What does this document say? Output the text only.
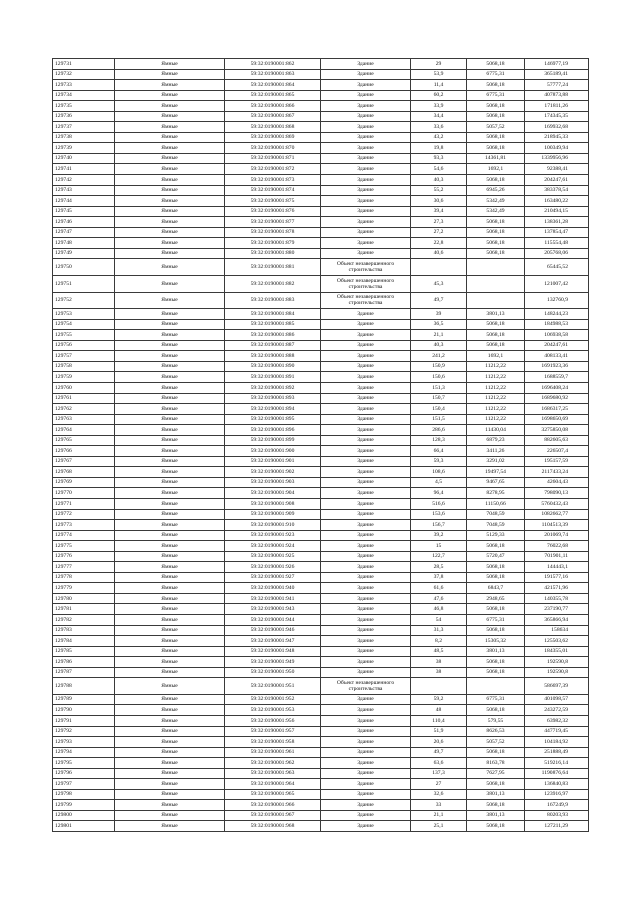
129731	Ямные	59:32:0190001:862	Здание	29	5068,18	146977,19
129732	Ямные	59:32:0190001:863	Здание	53,9	6775,31	365189,41
129733	Ямные	59:32:0190001:864	Здание	11,4	5068,18	57777,24
129734	Ямные	59:32:0190001:865	Здание	60,2	6775,31	407873,88
129735	Ямные	59:32:0190001:866	Здание	33,9	5068,18	171811,26
129736	Ямные	59:32:0190001:867	Здание	34,4	5068,18	174345,35
129737	Ямные	59:32:0190001:868	Здание	33,6	5057,52	169932,68
129738	Ямные	59:32:0190001:869	Здание	43,2	5068,18	218945,33
129739	Ямные	59:32:0190001:870	Здание	19,8	5068,18	100349,94
129740	Ямные	59:32:0190001:871	Здание	93,3	14361,81	1339956,96
129741	Ямные	59:32:0190001:872	Здание	54,6	1692,1	92388,41
129742	Ямные	59:32:0190001:873	Здание	40,3	5068,18	204247,61
129743	Ямные	59:32:0190001:874	Здание	55,2	6945,26	383378,54
129744	Ямные	59:32:0190001:875	Здание	30,6	5342,49	163480,22
129745	Ямные	59:32:0190001:876	Здание	39,4	5342,49	210494,15
129746	Ямные	59:32:0190001:877	Здание	27,3	5068,18	138361,28
129747	Ямные	59:32:0190001:878	Здание	27,2	5068,18	137854,47
129748	Ямные	59:32:0190001:879	Здание	22,8	5068,18	115554,48
129749	Ямные	59:32:0190001:880	Здание	40,6	5068,18	205768,06
129750	Ямные	59:32:0190001:881	Объект незавершенного строительства			65445,52
129751	Ямные	59:32:0190001:882	Объект незавершенного строительства	45,3		121007,42
129752	Ямные	59:32:0190001:883	Объект незавершенного строительства	49,7		132760,9
129753	Ямные	59:32:0190001:884	Здание	39	3801,13	148244,23
129754	Ямные	59:32:0190001:885	Здание	36,5	5068,18	184988,53
129755	Ямные	59:32:0190001:886	Здание	21,1	5068,18	106938,58
129756	Ямные	59:32:0190001:887	Здание	40,3	5068,18	204247,61
129757	Ямные	59:32:0190001:888	Здание	241,2	1692,1	408133,41
129758	Ямные	59:32:0190001:890	Здание	150,9	11212,22	1691923,36
129759	Ямные	59:32:0190001:891	Здание	150,6	11212,22	1688559,7
129760	Ямные	59:32:0190001:892	Здание	151,3	11212,22	1696408,24
129761	Ямные	59:32:0190001:893	Здание	150,7	11212,22	1689680,92
129762	Ямные	59:32:0190001:894	Здание	150,4	11212,22	1686317,25
129763	Ямные	59:32:0190001:895	Здание	151,5	11212,22	1698650,69
129764	Ямные	59:32:0190001:896	Здание	286,6	11430,04	3275850,08
129765	Ямные	59:32:0190001:899	Здание	128,3	6879,23	882605,63
129766	Ямные	59:32:0190001:900	Здание	66,4	3411,26	226507,4
129767	Ямные	59:32:0190001:901	Здание	59,3	3291,02	195157,59
129768	Ямные	59:32:0190001:902	Здание	108,6	19497,54	2117433,24
129769	Ямные	59:32:0190001:903	Здание	4,5	9467,65	42604,43
129770	Ямные	59:32:0190001:904	Здание	96,4	8278,95	798090,13
129771	Ямные	59:32:0190001:908	Здание	516,6	11150,66	5760432,43
129772	Ямные	59:32:0190001:909	Здание	153,6	7048,59	1082662,77
129773	Ямные	59:32:0190001:910	Здание	156,7	7048,59	1104513,39
129774	Ямные	59:32:0190001:923	Здание	39,2	5129,33	201069,74
129775	Ямные	59:32:0190001:924	Здание	15	5068,18	76022,68
129776	Ямные	59:32:0190001:925	Здание	122,7	5720,47	701901,11
129777	Ямные	59:32:0190001:926	Здание	28,5	5068,18	144443,1
129778	Ямные	59:32:0190001:927	Здание	37,8	5068,18	191577,16
129779	Ямные	59:32:0190001:940	Здание	61,6	6843,7	421571,96
129780	Ямные	59:32:0190001:941	Здание	47,6	2948,65	140355,78
129781	Ямные	59:32:0190001:943	Здание	46,8	5068,18	237190,77
129782	Ямные	59:32:0190001:944	Здание	54	6775,31	365866,94
129783	Ямные	59:32:0190001:946	Здание	31,3	5068,18	158634
129784	Ямные	59:32:0190001:947	Здание	8,2	15305,32	125503,62
129785	Ямные	59:32:0190001:948	Здание	48,5	3801,13	184355,01
129786	Ямные	59:32:0190001:949	Здание	38	5068,18	192590,8
129787	Ямные	59:32:0190001:950	Здание	38	5068,18	192590,8
129788	Ямные	59:32:0190001:951	Объект незавершенного строительства			586697,39
129789	Ямные	59:32:0190001:952	Здание	59,2	6775,31	401098,57
129790	Ямные	59:32:0190001:953	Здание	48	5068,18	243272,59
129791	Ямные	59:32:0190001:956	Здание	110,4	579,55	63982,32
129792	Ямные	59:32:0190001:957	Здание	51,9	8626,53	447719,45
129793	Ямные	59:32:0190001:958	Здание	20,6	5057,52	104184,92
129794	Ямные	59:32:0190001:961	Здание	49,7	5068,18	251888,49
129795	Ямные	59:32:0190001:962	Здание	63,6	8163,78	519216,14
129796	Ямные	59:32:0190001:963	Здание	137,3	7627,95	1190876,64
129797	Ямные	59:32:0190001:964	Здание	27	5068,18	136840,83
129798	Ямные	59:32:0190001:965	Здание	32,6	3801,13	123916,97
129799	Ямные	59:32:0190001:966	Здание	33	5068,18	167249,9
129800	Ямные	59:32:0190001:967	Здание	21,1	3801,13	80203,93
129801	Ямные	59:32:0190001:968	Здание	25,1	5068,18	127211,29
